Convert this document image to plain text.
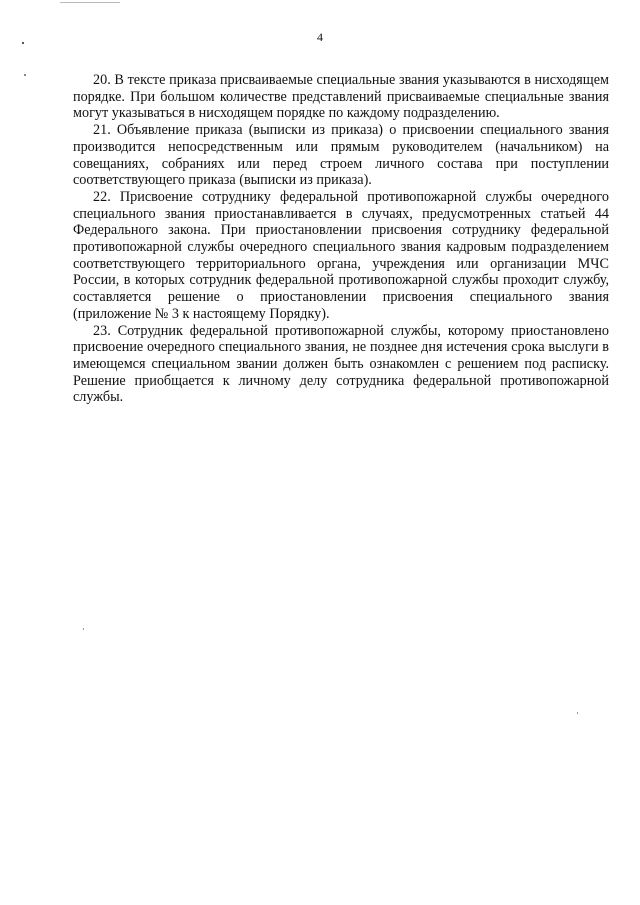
4

20. В тексте приказа присваиваемые специальные звания указываются в нисходящем порядке. При большом количестве представлений присваиваемые специальные звания могут указываться в нисходящем порядке по каждому подразделению.

21. Объявление приказа (выписки из приказа) о присвоении специального звания производится непосредственным или прямым руководителем (начальником) на совещаниях, собраниях или перед строем личного состава при поступлении соответствующего приказа (выписки из приказа).

22. Присвоение сотруднику федеральной противопожарной службы очередного специального звания приостанавливается в случаях, предусмотренных статьей 44 Федерального закона. При приостановлении присвоения сотруднику федеральной противопожарной службы очередного специального звания кадровым подразделением соответствующего территориального органа, учреждения или организации МЧС России, в которых сотрудник федеральной противопожарной службы проходит службу, составляется решение о приостановлении присвоения специального звания (приложение № 3 к настоящему Порядку).

23. Сотрудник федеральной противопожарной службы, которому приостановлено присвоение очередного специального звания, не позднее дня истечения срока выслуги в имеющемся специальном звании должен быть ознакомлен с решением под расписку. Решение приобщается к личному делу сотрудника федеральной противопожарной службы.
